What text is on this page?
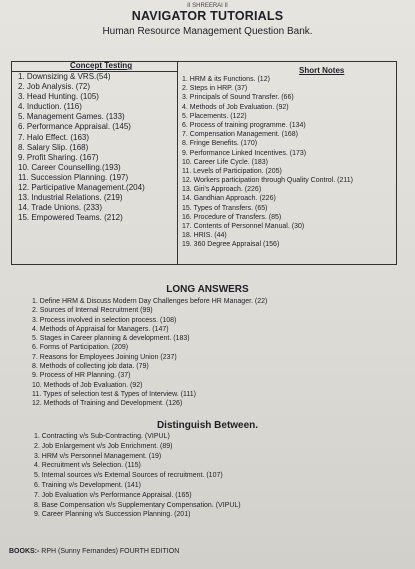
II SHREERAI II
NAVIGATOR TUTORIALS
Human Resource Management Question Bank.
Concept Testing
Short Notes
1. Downsizing & VRS.(54)
2. Job Analysis. (72)
3. Head Hunting. (105)
4. Induction. (116)
5. Management Games. (133)
6. Performance Appraisal. (145)
7. Halo Effect. (163)
8. Salary Slip. (168)
9. Profit Sharing. (167)
10. Career Counselling.(193)
11. Succession Planning. (197)
12. Participative Management.(204)
13. Industrial Relations. (219)
14. Trade Unions. (233)
15. Empowered Teams. (212)
1. HRM & its Functions. (12)
2. Steps in HRP. (37)
3. Principals of Sound Transfer. (66)
4. Methods of Job Evaluation. (92)
5. Placements. (122)
6. Process of training programme. (134)
7. Compensation Management. (168)
8. Fringe Benefits. (170)
9. Performance Linked Incentives. (173)
10. Career Life Cycle. (183)
11. Levels of Participation. (205)
12. Workers participation through Quality Control. (211)
13. Giri's Approach. (226)
14. Gandhian Approach. (226)
15. Types of Transfers. (65)
16. Procedure of Transfers. (85)
17. Contents of Personnel Manual. (30)
18. HRIS. (44)
19. 360 Degree Appraisal (156)
LONG ANSWERS
1. Define HRM & Discuss Modern Day Challenges before HR Manager. (22)
2. Sources of Internal Recruitment (99)
3. Process involved in selection process. (108)
4. Methods of Appraisal for Managers. (147)
5. Stages in Career planning & development. (183)
6. Forms of Participation. (209)
7. Reasons for Employees Joining Union (237)
8. Methods of collecting job data. (79)
9. Process of HR Planning. (37)
10. Methods of Job Evaluation. (92)
11. Types of selection test & Types of Interview. (111)
12. Methods of Training and Development. (126)
Distinguish Between.
1. Contracting v/s Sub-Contracting. (VIPUL)
2. Job Enlargement v/s Job Enrichment. (89)
3. HRM v/s Personnel Management. (19)
4. Recruitment v/s Selection. (115)
5. Internal sources v/s External Sources of recruitment. (107)
6. Training v/s Development. (141)
7. Job Evaluation v/s Performance Appraisal. (165)
8. Base Compensation v/s Supplementary Compensation. (VIPUL)
9. Career Planning v/s Succession Planning. (201)
BOOKS:- RPH (Sunny Fernandes) FOURTH EDITION
